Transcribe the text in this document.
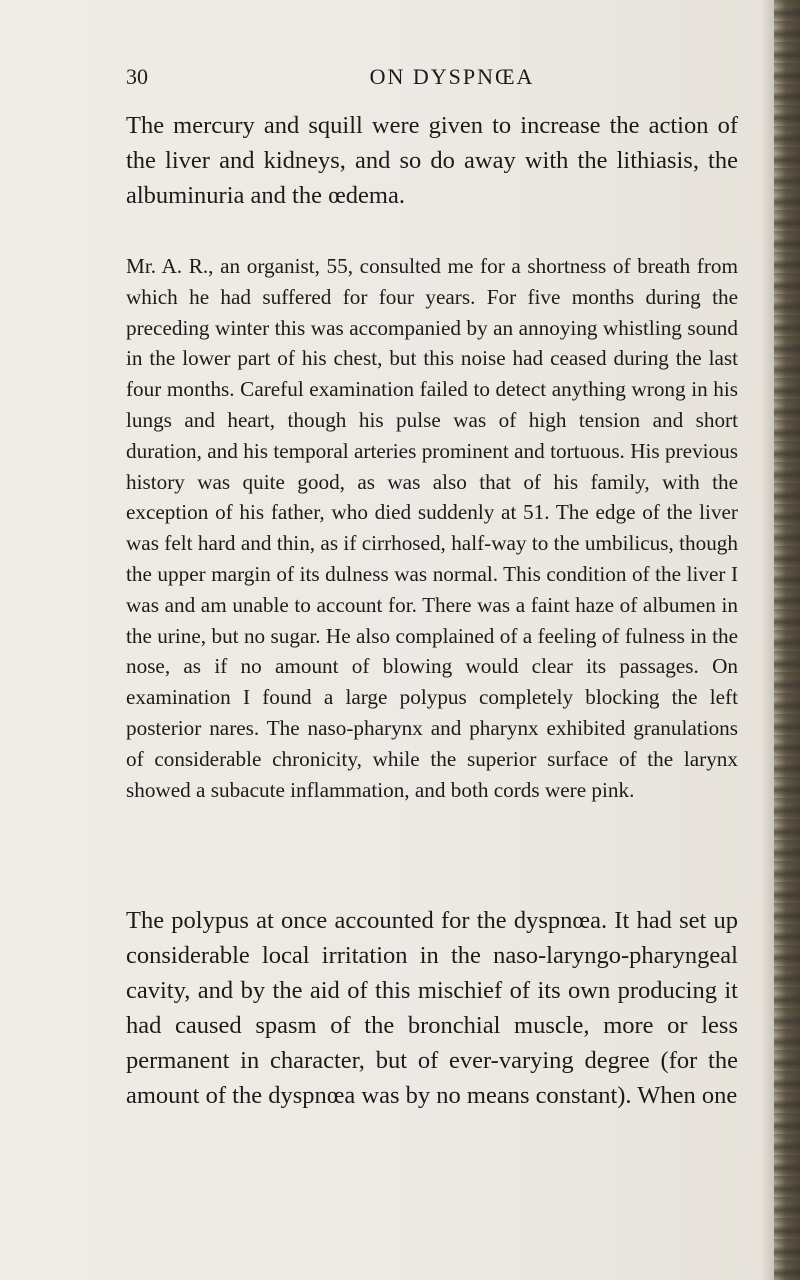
30	ON DYSPNŒA

The mercury and squill were given to increase the action of the liver and kidneys, and so do away with the lithiasis, the albuminuria and the œdema.

Mr. A. R., an organist, 55, consulted me for a shortness of breath from which he had suffered for four years. For five months during the preceding winter this was accompanied by an annoying whistling sound in the lower part of his chest, but this noise had ceased during the last four months. Careful examination failed to detect anything wrong in his lungs and heart, though his pulse was of high tension and short duration, and his temporal arteries prominent and tortuous. His previous history was quite good, as was also that of his family, with the exception of his father, who died suddenly at 51. The edge of the liver was felt hard and thin, as if cirrhosed, half-way to the umbilicus, though the upper margin of its dulness was normal. This condition of the liver I was and am unable to account for. There was a faint haze of albumen in the urine, but no sugar. He also complained of a feeling of fulness in the nose, as if no amount of blowing would clear its passages. On examination I found a large polypus completely blocking the left posterior nares. The naso-pharynx and pharynx exhibited granulations of considerable chronicity, while the superior surface of the larynx showed a subacute inflammation, and both cords were pink.

The polypus at once accounted for the dyspnœa. It had set up considerable local irritation in the naso-laryngo-pharyngeal cavity, and by the aid of this mischief of its own producing it had caused spasm of the bronchial muscle, more or less permanent in character, but of ever-varying degree (for the amount of the dyspnœa was by no means constant). When one
